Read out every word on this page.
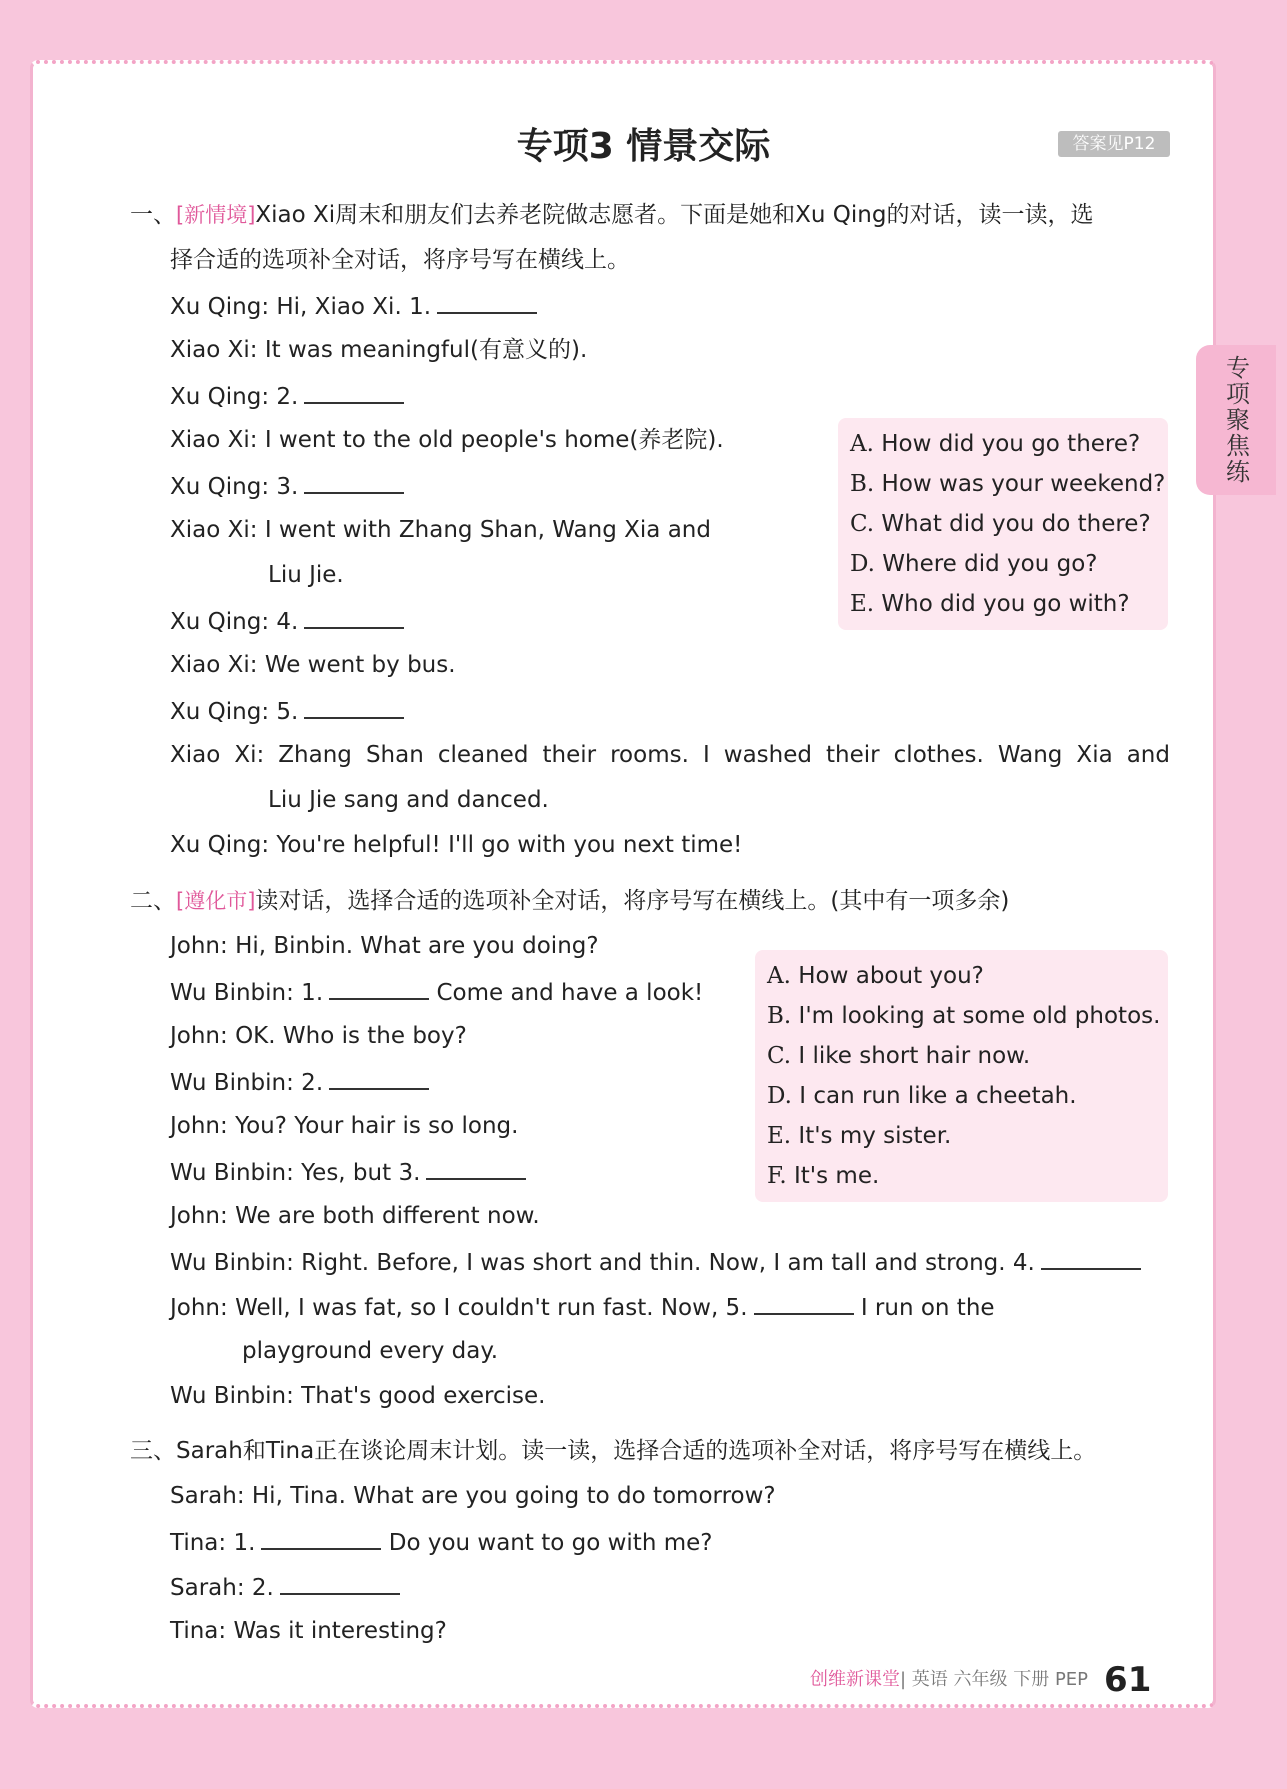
专项聚焦练
专项3 情景交际	答案见P12
一、[新情境]Xiao Xi周末和朋友们去养老院做志愿者。下面是她和Xu Qing的对话，读一读，选
择合适的选项补全对话，将序号写在横线上。
Xu Qing: Hi, Xiao Xi. 1.
Xiao Xi: It was meaningful(有意义的).
Xu Qing: 2.
Xiao Xi: I went to the old people's home(养老院).
Xu Qing: 3.
Xiao Xi: I went with Zhang Shan, Wang Xia and
Liu Jie.
Xu Qing: 4.
Xiao Xi: We went by bus.
Xu Qing: 5.
Xiao Xi: Zhang Shan cleaned their rooms. I washed their clothes. Wang Xia and
Liu Jie sang and danced.
Xu Qing: You're helpful! I'll go with you next time!
A. How did you go there?
B. How was your weekend?
C. What did you do there?
D. Where did you go?
E. Who did you go with?
二、[遵化市]读对话，选择合适的选项补全对话，将序号写在横线上。(其中有一项多余)
John: Hi, Binbin. What are you doing?
Wu Binbin: 1.	Come and have a look!
John: OK. Who is the boy?
Wu Binbin: 2.
John: You? Your hair is so long.
Wu Binbin: Yes, but 3.
John: We are both different now.
Wu Binbin: Right. Before, I was short and thin. Now, I am tall and strong. 4.
John: Well, I was fat, so I couldn't run fast. Now, 5.	I run on the
playground every day.
Wu Binbin: That's good exercise.
A. How about you?
B. I'm looking at some old photos.
C. I like short hair now.
D. I can run like a cheetah.
E. It's my sister.
F. It's me.
三、Sarah和Tina正在谈论周末计划。读一读，选择合适的选项补全对话，将序号写在横线上。
Sarah: Hi, Tina. What are you going to do tomorrow?
Tina: 1.	Do you want to go with me?
Sarah: 2.
Tina: Was it interesting?
创维新课堂| 英语 六年级 下册 PEP 61
